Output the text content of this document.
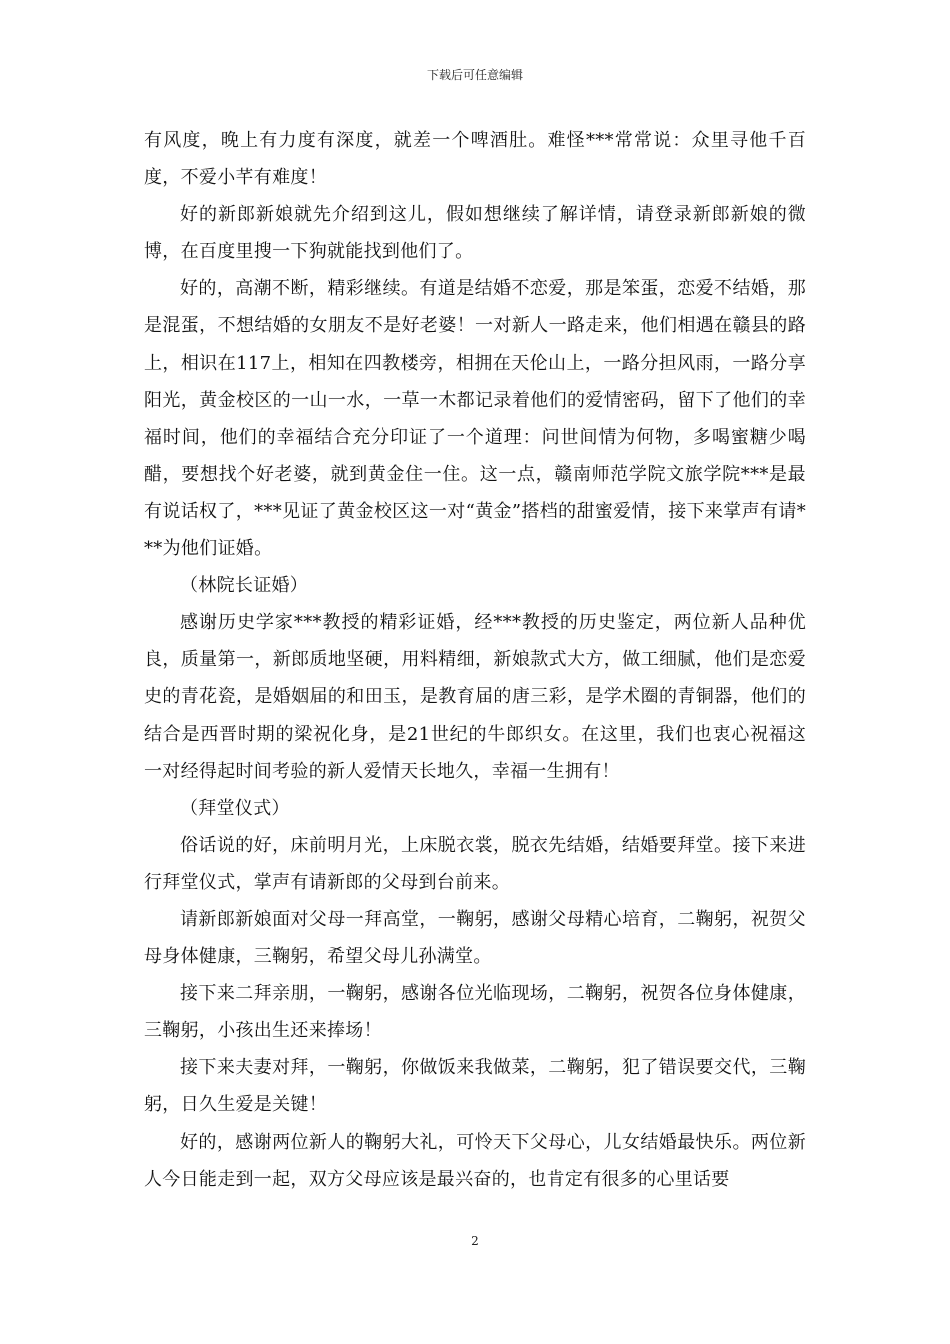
下载后可任意编辑

有风度，晚上有力度有深度，就差一个啤酒肚。难怪***常常说：众里寻他千百度，不爱小芊有难度！

好的新郎新娘就先介绍到这儿，假如想继续了解详情，请登录新郎新娘的微博，在百度里搜一下狗就能找到他们了。

好的，高潮不断，精彩继续。有道是结婚不恋爱，那是笨蛋，恋爱不结婚，那是混蛋，不想结婚的女朋友不是好老婆！一对新人一路走来，他们相遇在赣县的路上，相识在117上，相知在四教楼旁，相拥在天伦山上，一路分担风雨，一路分享阳光，黄金校区的一山一水，一草一木都记录着他们的爱情密码，留下了他们的幸福时间，他们的幸福结合充分印证了一个道理：问世间情为何物，多喝蜜糖少喝醋，要想找个好老婆，就到黄金住一住。这一点，赣南师范学院文旅学院***是最有说话权了，***见证了黄金校区这一对“黄金”搭档的甜蜜爱情，接下来掌声有请***为他们证婚。

（林院长证婚）

感谢历史学家***教授的精彩证婚，经***教授的历史鉴定，两位新人品种优良，质量第一，新郎质地坚硬，用料精细，新娘款式大方，做工细腻，他们是恋爱史的青花瓷，是婚姻届的和田玉，是教育届的唐三彩，是学术圈的青铜器，他们的结合是西晋时期的梁祝化身，是21世纪的牛郎织女。在这里，我们也衷心祝福这一对经得起时间考验的新人爱情天长地久，幸福一生拥有！

（拜堂仪式）

俗话说的好，床前明月光，上床脱衣裳，脱衣先结婚，结婚要拜堂。接下来进行拜堂仪式，掌声有请新郎的父母到台前来。

请新郎新娘面对父母一拜高堂，一鞠躬，感谢父母精心培育，二鞠躬，祝贺父母身体健康，三鞠躬，希望父母儿孙满堂。

接下来二拜亲朋，一鞠躬，感谢各位光临现场，二鞠躬，祝贺各位身体健康，三鞠躬，小孩出生还来捧场！

接下来夫妻对拜，一鞠躬，你做饭来我做菜，二鞠躬，犯了错误要交代，三鞠躬，日久生爱是关键！

好的，感谢两位新人的鞠躬大礼，可怜天下父母心，儿女结婚最快乐。两位新人今日能走到一起，双方父母应该是最兴奋的，也肯定有很多的心里话要

2
